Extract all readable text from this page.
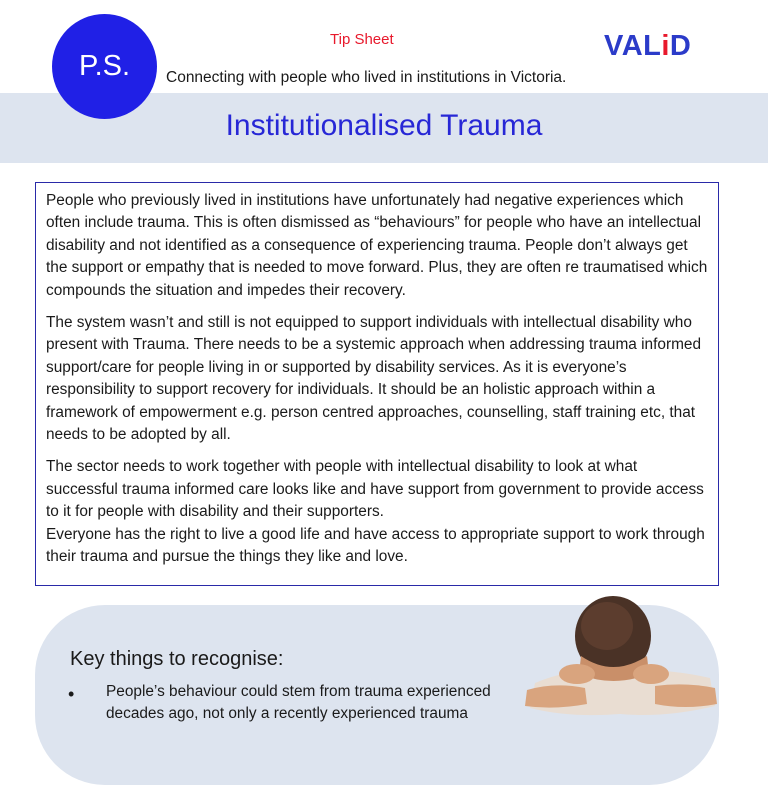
Tip Sheet	VALiD
Institutionalised Trauma
P.S.	Connecting with people who lived in institutions in Victoria.

People who previously lived in institutions have unfortunately had negative experiences which often include trauma. This is often dismissed as “behaviours” for people who have an intellectual disability and not identified as a consequence of experiencing trauma. People don’t always get the support or empathy that is needed to move forward. Plus, they are often re traumatised which compounds the situation and impedes their recovery.

The system wasn’t and still is not equipped to support individuals with intellectual disability who present with Trauma. There needs to be a systemic approach when addressing trauma informed support/care for people living in or supported by disability services. As it is everyone’s responsibility to support recovery for individuals. It should be an holistic approach within a framework of empowerment e.g. person centred approaches, counselling, staff training etc, that needs to be adopted by all.

The sector needs to work together with people with intellectual disability to look at what successful trauma informed care looks like and have support from government to provide access to it for people with disability and their supporters.

Everyone has the right to live a good life and have access to appropriate support to work through their trauma and pursue the things they like and love.

Key things to recognise:
• People’s behaviour could stem from trauma experienced decades ago, not only a recently experienced trauma
